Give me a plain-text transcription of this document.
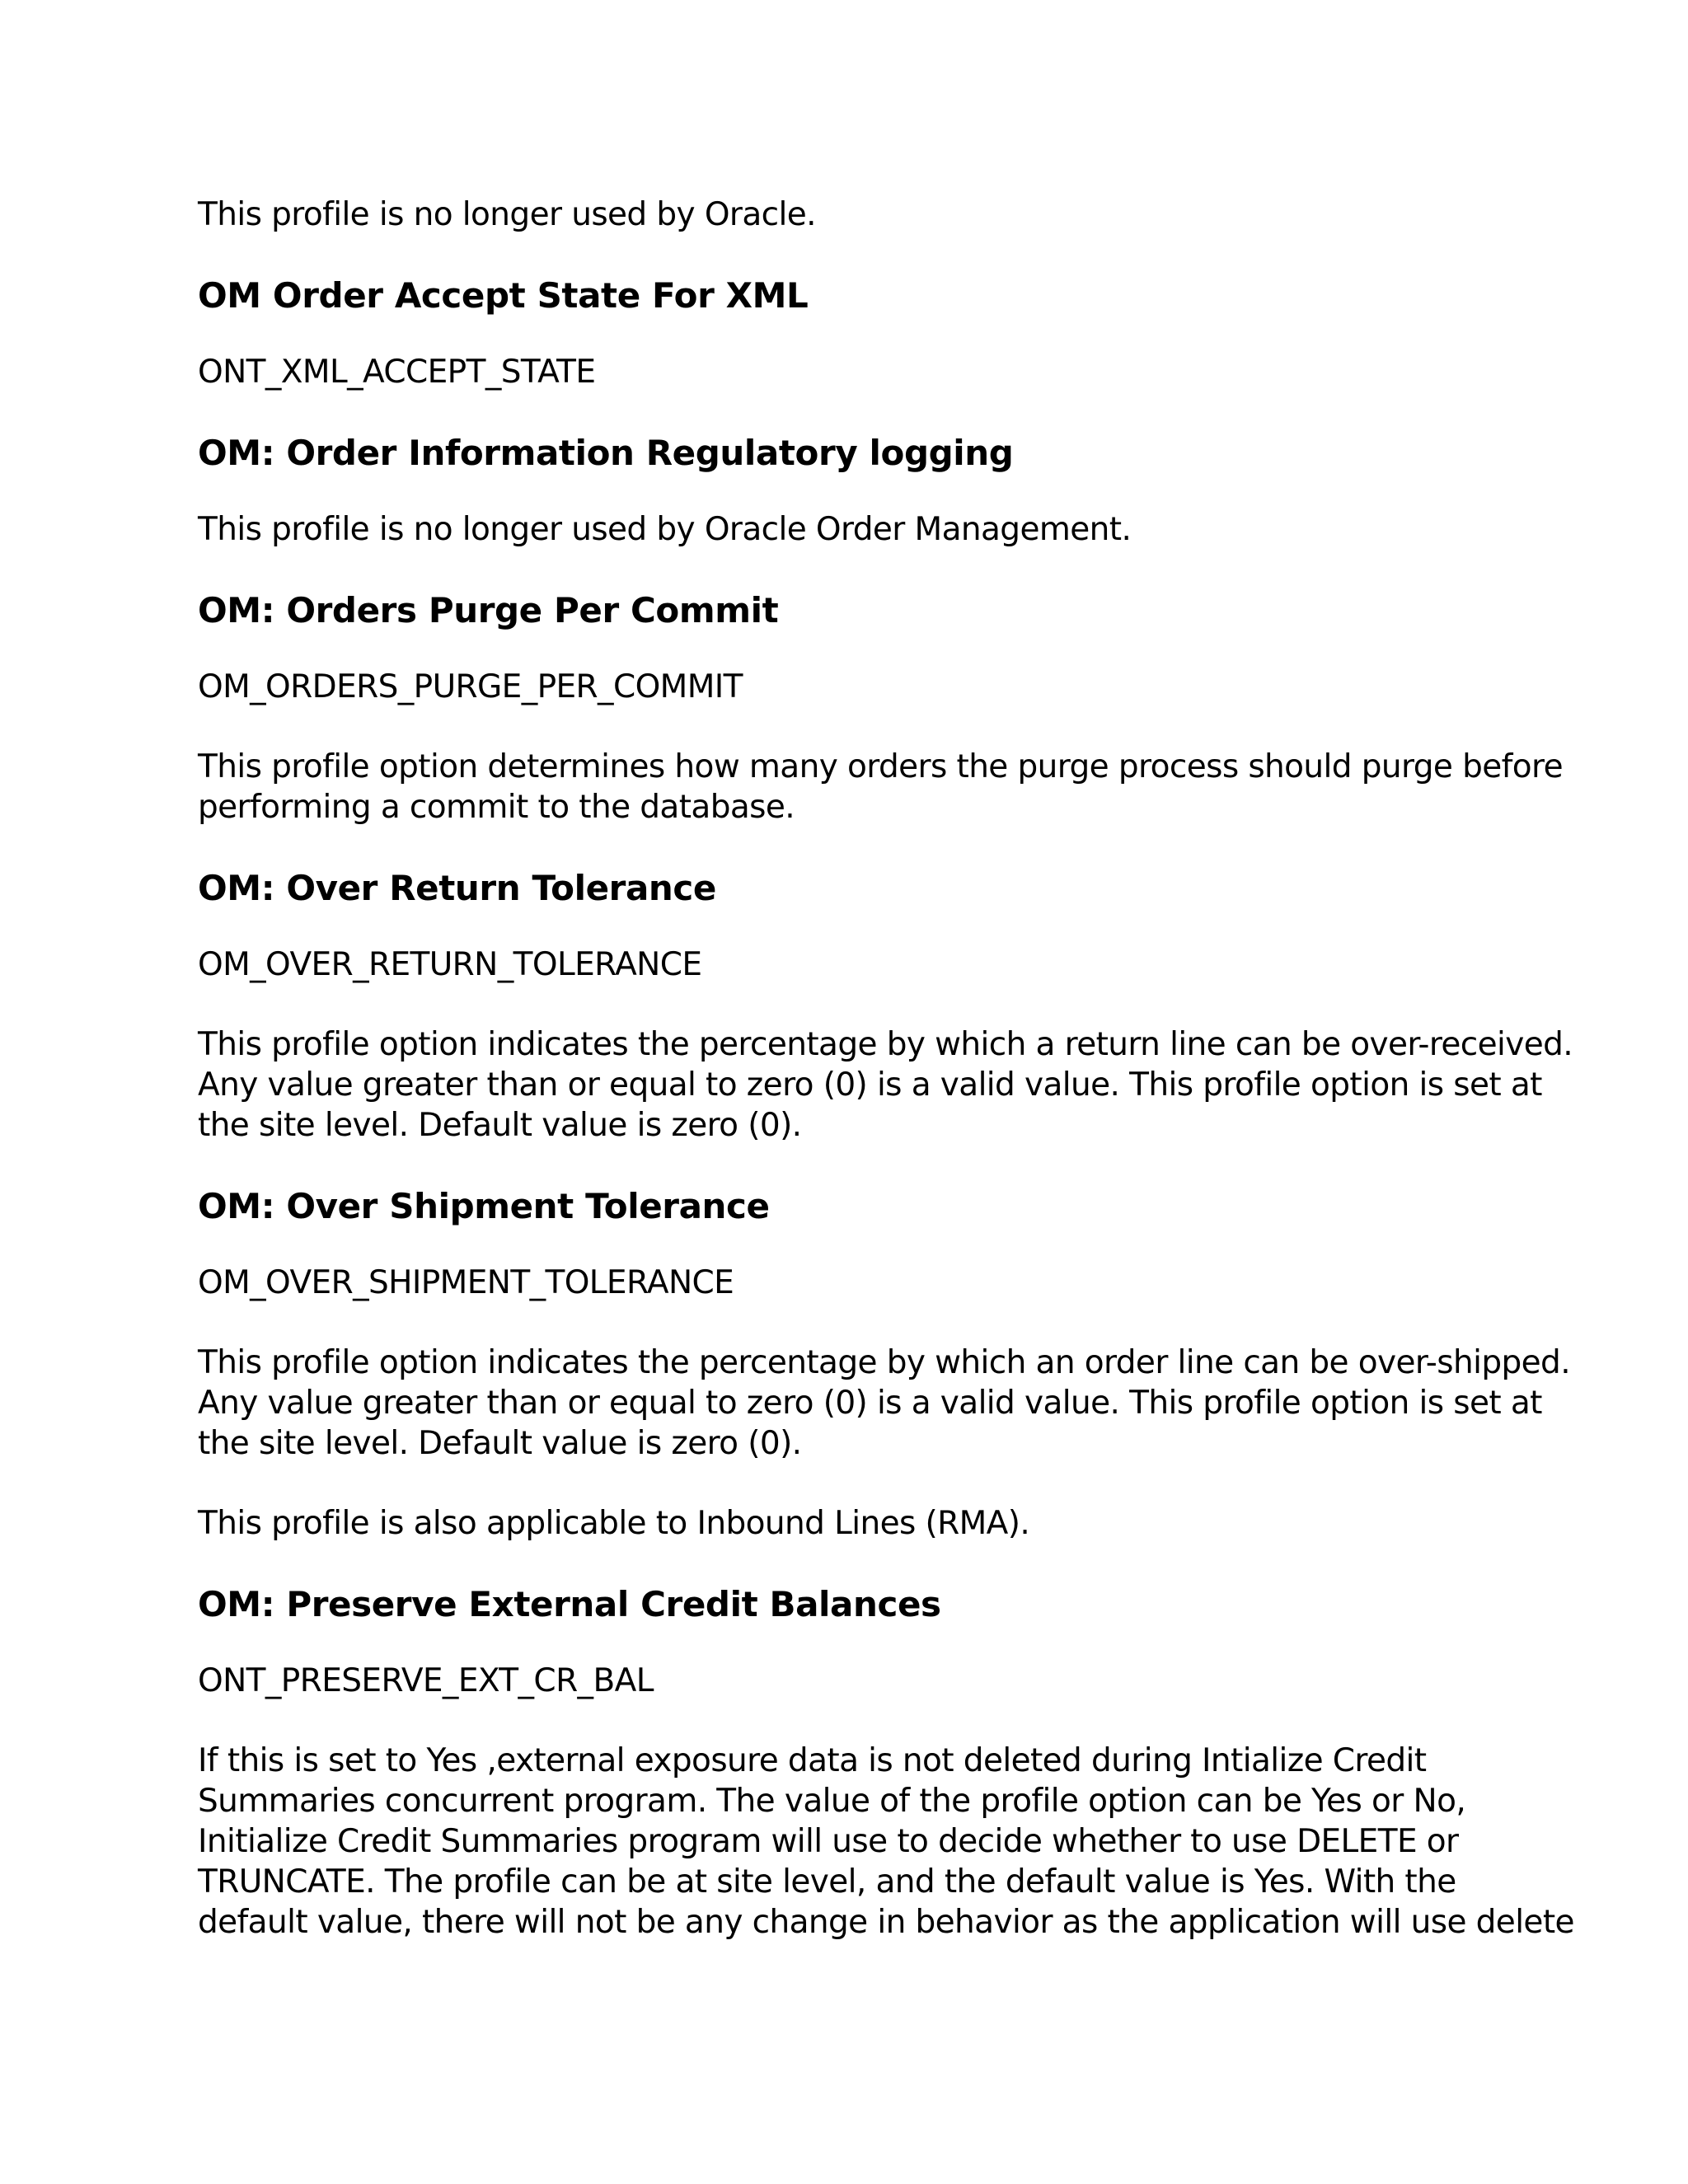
This profile is no longer used by Oracle.

OM Order Accept State For XML

ONT_XML_ACCEPT_STATE

OM: Order Information Regulatory logging

This profile is no longer used by Oracle Order Management.

OM: Orders Purge Per Commit

OM_ORDERS_PURGE_PER_COMMIT

This profile option determines how many orders the purge process should purge before
performing a commit to the database.

OM: Over Return Tolerance

OM_OVER_RETURN_TOLERANCE

This profile option indicates the percentage by which a return line can be over-received.
Any value greater than or equal to zero (0) is a valid value. This profile option is set at
the site level. Default value is zero (0).

OM: Over Shipment Tolerance

OM_OVER_SHIPMENT_TOLERANCE

This profile option indicates the percentage by which an order line can be over-shipped.
Any value greater than or equal to zero (0) is a valid value. This profile option is set at
the site level. Default value is zero (0).

This profile is also applicable to Inbound Lines (RMA).

OM: Preserve External Credit Balances

ONT_PRESERVE_EXT_CR_BAL

If this is set to Yes ,external exposure data is not deleted during Intialize Credit
Summaries concurrent program. The value of the profile option can be Yes or No,
Initialize Credit Summaries program will use to decide whether to use DELETE or
TRUNCATE. The profile can be at site level, and the default value is Yes. With the
default value, there will not be any change in behavior as the application will use delete
